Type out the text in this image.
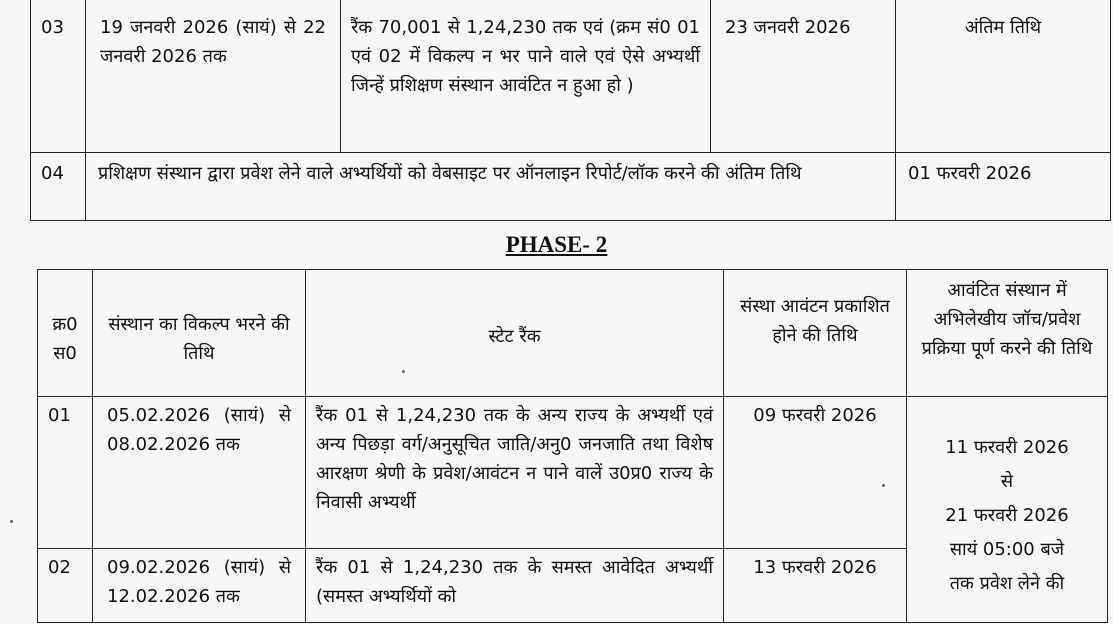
03	19 जनवरी 2026 (सायं) से 22 जनवरी 2026 तक	रैंक 70,001 से 1,24,230 तक एवं (क्रम सं0 01 एवं 02 में विकल्प न भर पाने वाले एवं ऐसे अभ्यर्थी जिन्हें प्रशिक्षण संस्थान आवंटित न हुआ हो )	23 जनवरी 2026	अंतिम तिथि
04	प्रशिक्षण संस्थान द्वारा प्रवेश लेने वाले अभ्यर्थियों को वेबसाइट पर ऑनलाइन रिपोर्ट/लॉक करने की अंतिम तिथि			01 फरवरी 2026
PHASE- 2
क्र0 स0	संस्थान का विकल्प भरने की तिथि	स्टेट रैंक	संस्था आवंटन प्रकाशित होने की तिथि	आवंटित संस्थान में अभिलेखीय जॉच/प्रवेश प्रक्रिया पूर्ण करने की तिथि
01	05.02.2026 (सायं) से 08.02.2026 तक	रैंक 01 से 1,24,230 तक के अन्य राज्य के अभ्यर्थी एवं अन्य पिछड़ा वर्ग/अनुसूचित जाति/अनु0 जनजाति तथा विशेष आरक्षण श्रेणी के प्रवेश/आवंटन न पाने वालें उ0प्र0 राज्य के निवासी अभ्यर्थी	09 फरवरी 2026	11 फरवरी 2026
से
21 फरवरी 2026
सायं 05:00 बजे
तक प्रवेश लेने की

02	09.02.2026 (सायं) से 12.02.2026 तक	रैंक 01 से 1,24,230 तक के समस्त आवेदित अभ्यर्थी (समस्त अभ्यर्थियों को	13 फरवरी 2026	
